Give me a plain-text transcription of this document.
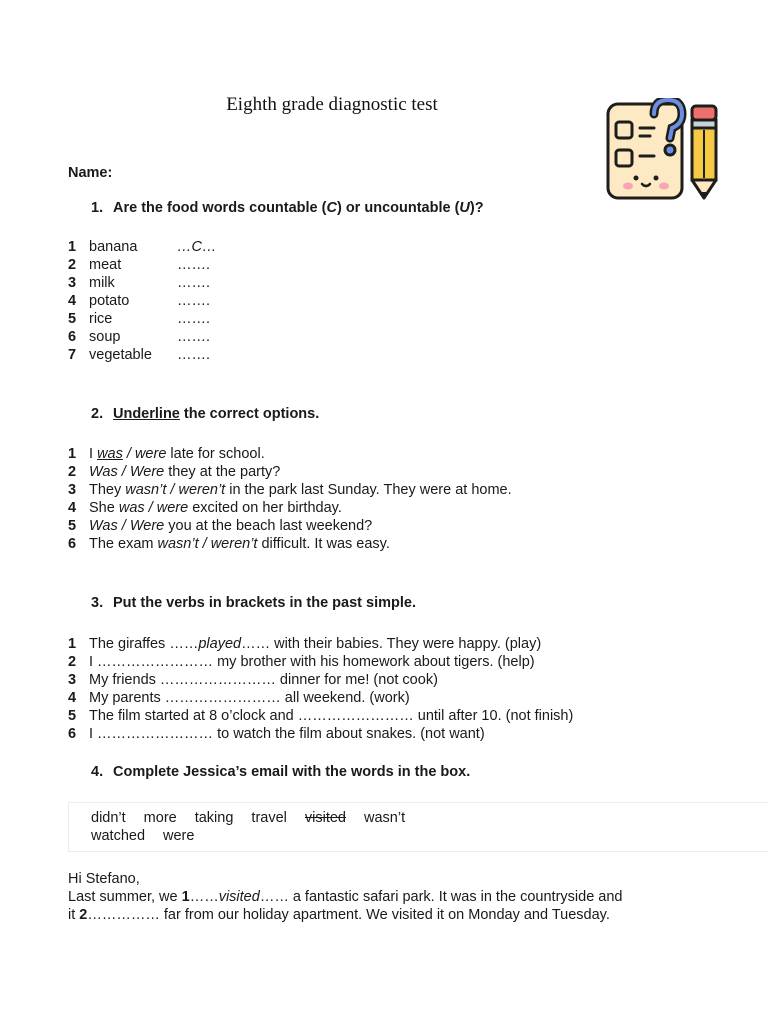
Eighth grade diagnostic test
Name:
1. Are the food words countable (C) or uncountable (U)?
1 banana	…C…
2 meat	…….
3 milk	…….
4 potato	…….
5 rice	…….
6 soup	…….
7 vegetable …….
2. Underline the correct options.
1 I was / were late for school.
2 Was / Were they at the party?
3 They wasn’t / weren’t in the park last Sunday. They were at home.
4 She was / were excited on her birthday.
5 Was / Were you at the beach last weekend?
6 The exam wasn’t / weren’t difficult. It was easy.
3. Put the verbs in brackets in the past simple.
1 The giraffes ……played…… with their babies. They were happy. (play)
2 I …………………… my brother with his homework about tigers. (help)
3 My friends …………………… dinner for me! (not cook)
4 My parents …………………… all weekend. (work)
5 The film started at 8 o’clock and …………………… until after 10. (not finish)
6 I …………………… to watch the film about snakes. (not want)
4. Complete Jessica’s email with the words in the box.
didn’t more taking travel visited wasn’t
watched were
Hi Stefano,
Last summer, we 1……visited…… a fantastic safari park. It was in the countryside and
it 2…………… far from our holiday apartment. We visited it on Monday and Tuesday.
